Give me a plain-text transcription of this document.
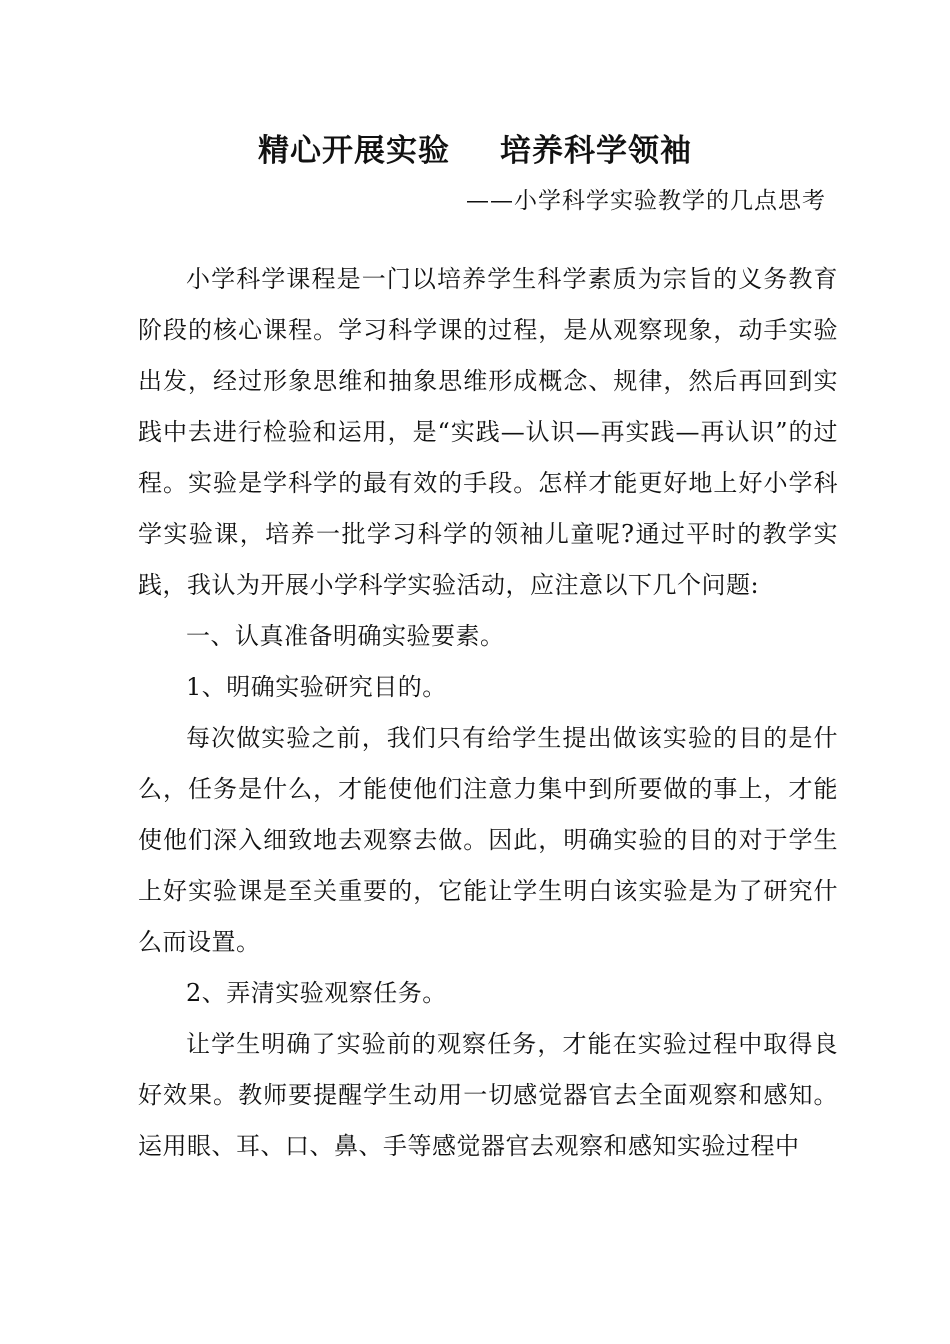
精心开展实验 培养科学领袖
——小学科学实验教学的几点思考

小学科学课程是一门以培养学生科学素质为宗旨的义务教育阶段的核心课程。学习科学课的过程，是从观察现象，动手实验出发，经过形象思维和抽象思维形成概念、规律，然后再回到实践中去进行检验和运用，是“实践—认识—再实践—再认识”的过程。实验是学科学的最有效的手段。怎样才能更好地上好小学科学实验课，培养一批学习科学的领袖儿童呢?通过平时的教学实践，我认为开展小学科学实验活动，应注意以下几个问题:

一、认真准备明确实验要素。

1、明确实验研究目的。

每次做实验之前，我们只有给学生提出做该实验的目的是什么，任务是什么，才能使他们注意力集中到所要做的事上，才能使他们深入细致地去观察去做。因此，明确实验的目的对于学生上好实验课是至关重要的，它能让学生明白该实验是为了研究什么而设置。

2、弄清实验观察任务。

让学生明确了实验前的观察任务，才能在实验过程中取得良好效果。教师要提醒学生动用一切感觉器官去全面观察和感知。运用眼、耳、口、鼻、手等感觉器官去观察和感知实验过程中
